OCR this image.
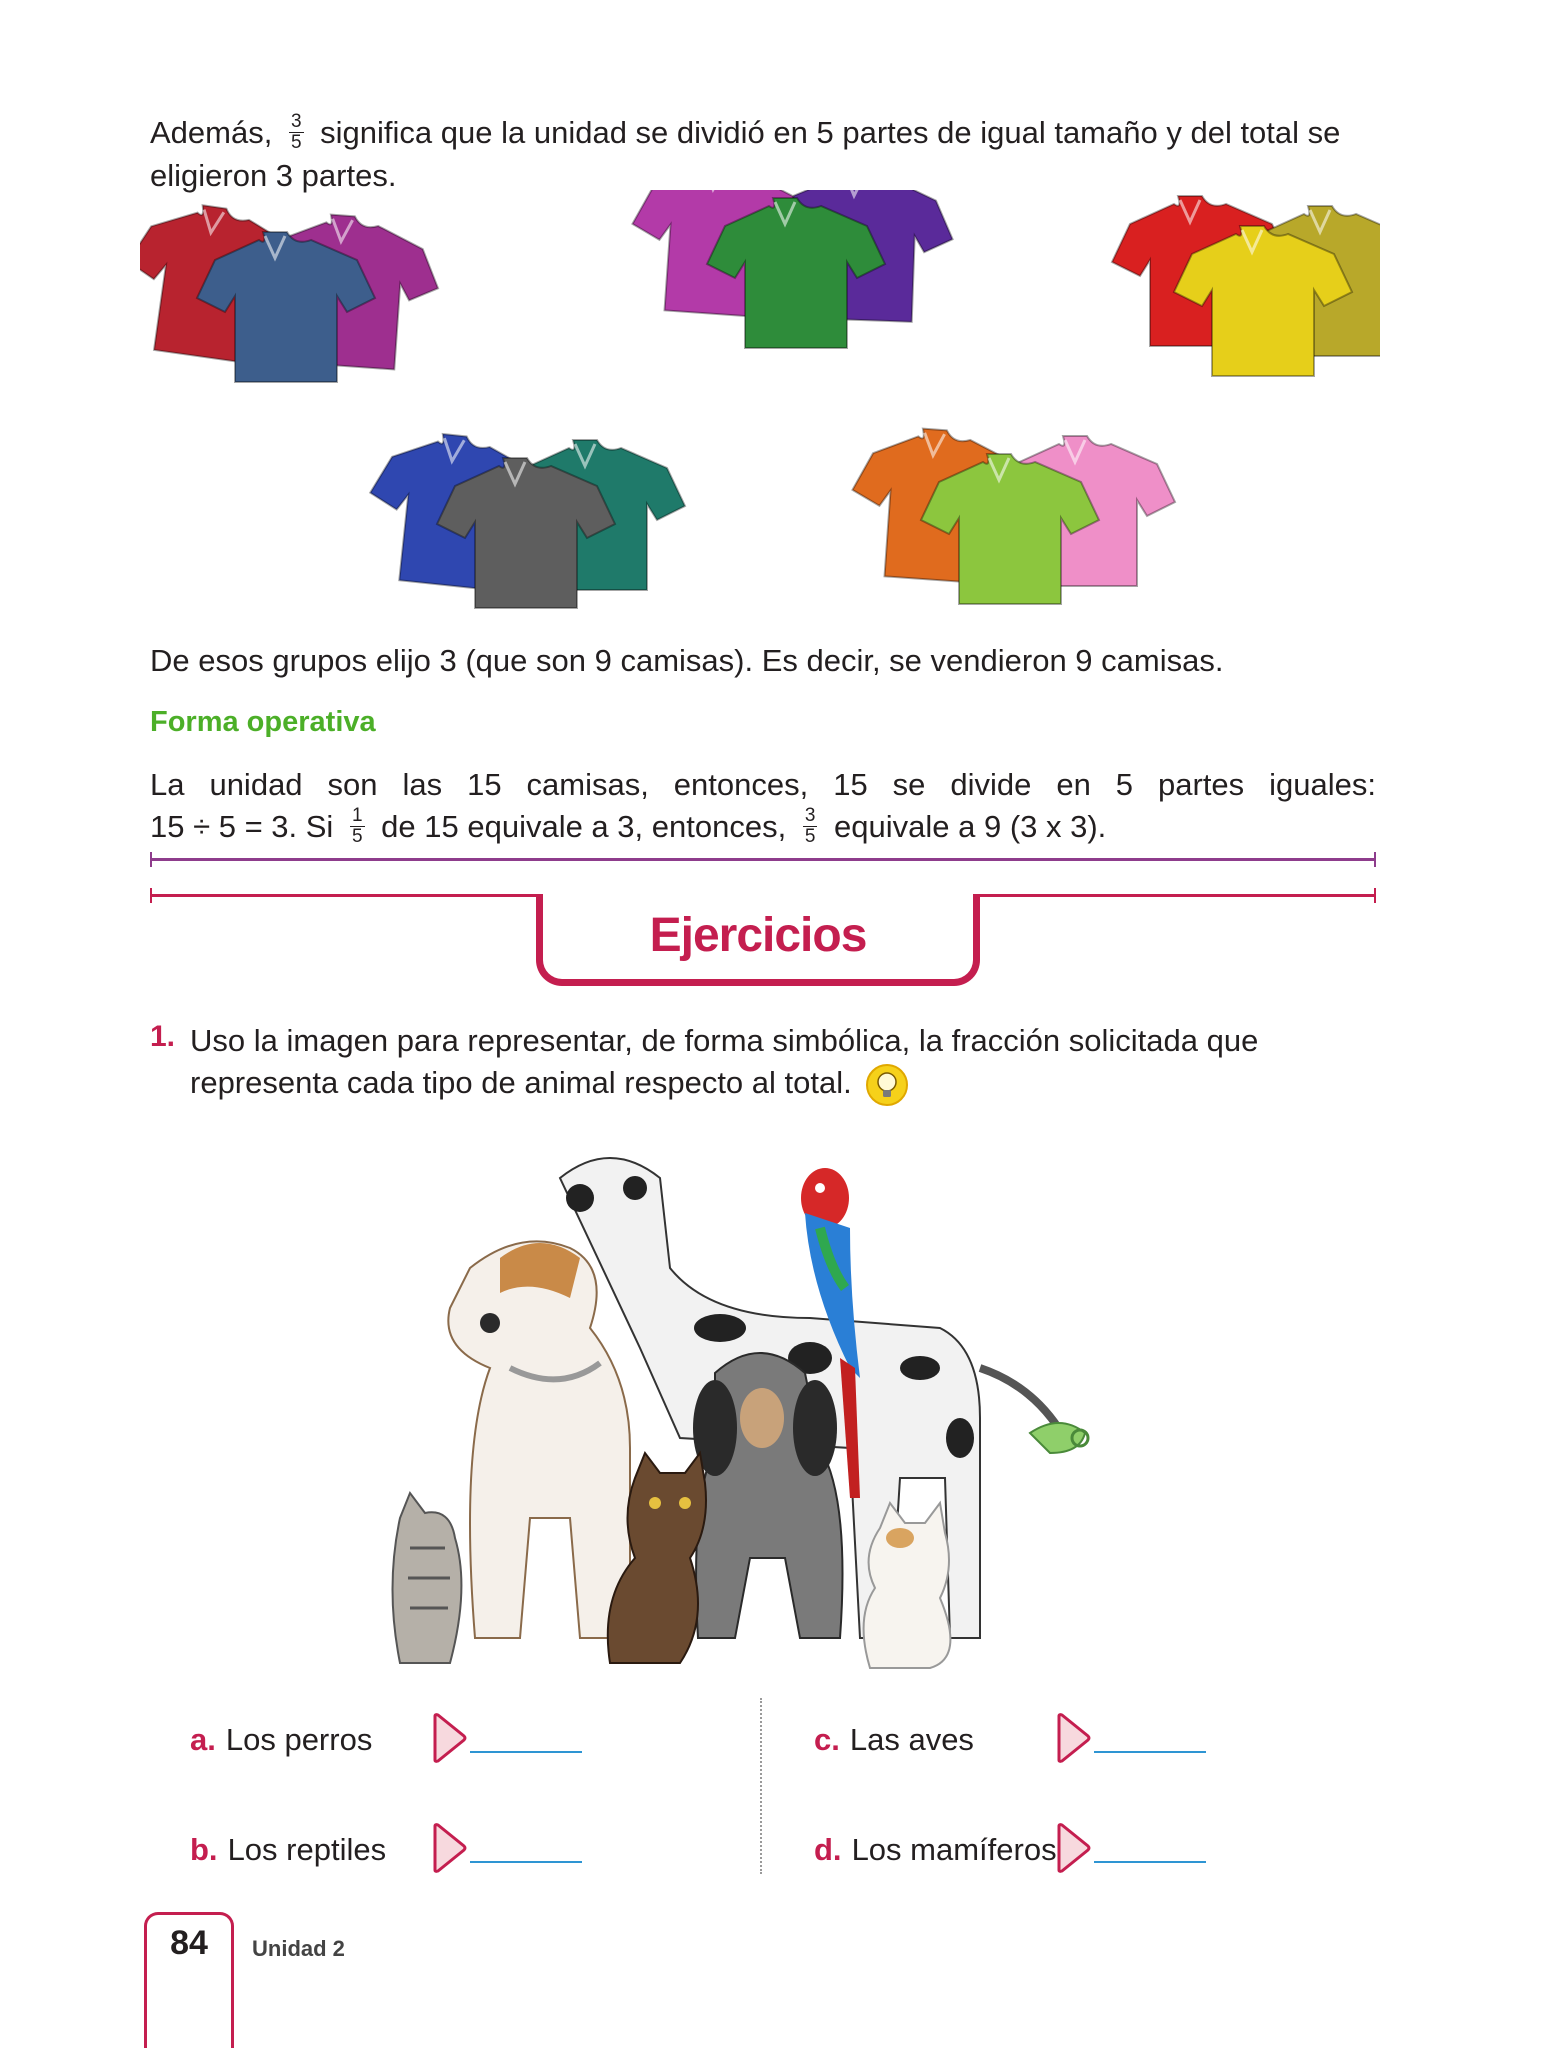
Además, $\frac{3}{5}$ significa que la unidad se dividió en 5 partes de igual tamaño y del total se eligieron 3 partes.
De esos grupos elijo 3 (que son 9 camisas). Es decir, se vendieron 9 camisas.
Forma operativa
La unidad son las 15 camisas, entonces, 15 se divide en 5 partes iguales:
15 ÷ 5 = 3. Si $\frac{1}{5}$ de 15 equivale a 3, entonces, $\frac{3}{5}$ equivale a 9 (3 x 3).
Ejercicios
1. Uso la imagen para representar, de forma simbólica, la fracción solicitada que representa cada tipo de animal respecto al total.
a. Los perros
b. Los reptiles
c. Las aves
d. Los mamíferos
84	Unidad 2
